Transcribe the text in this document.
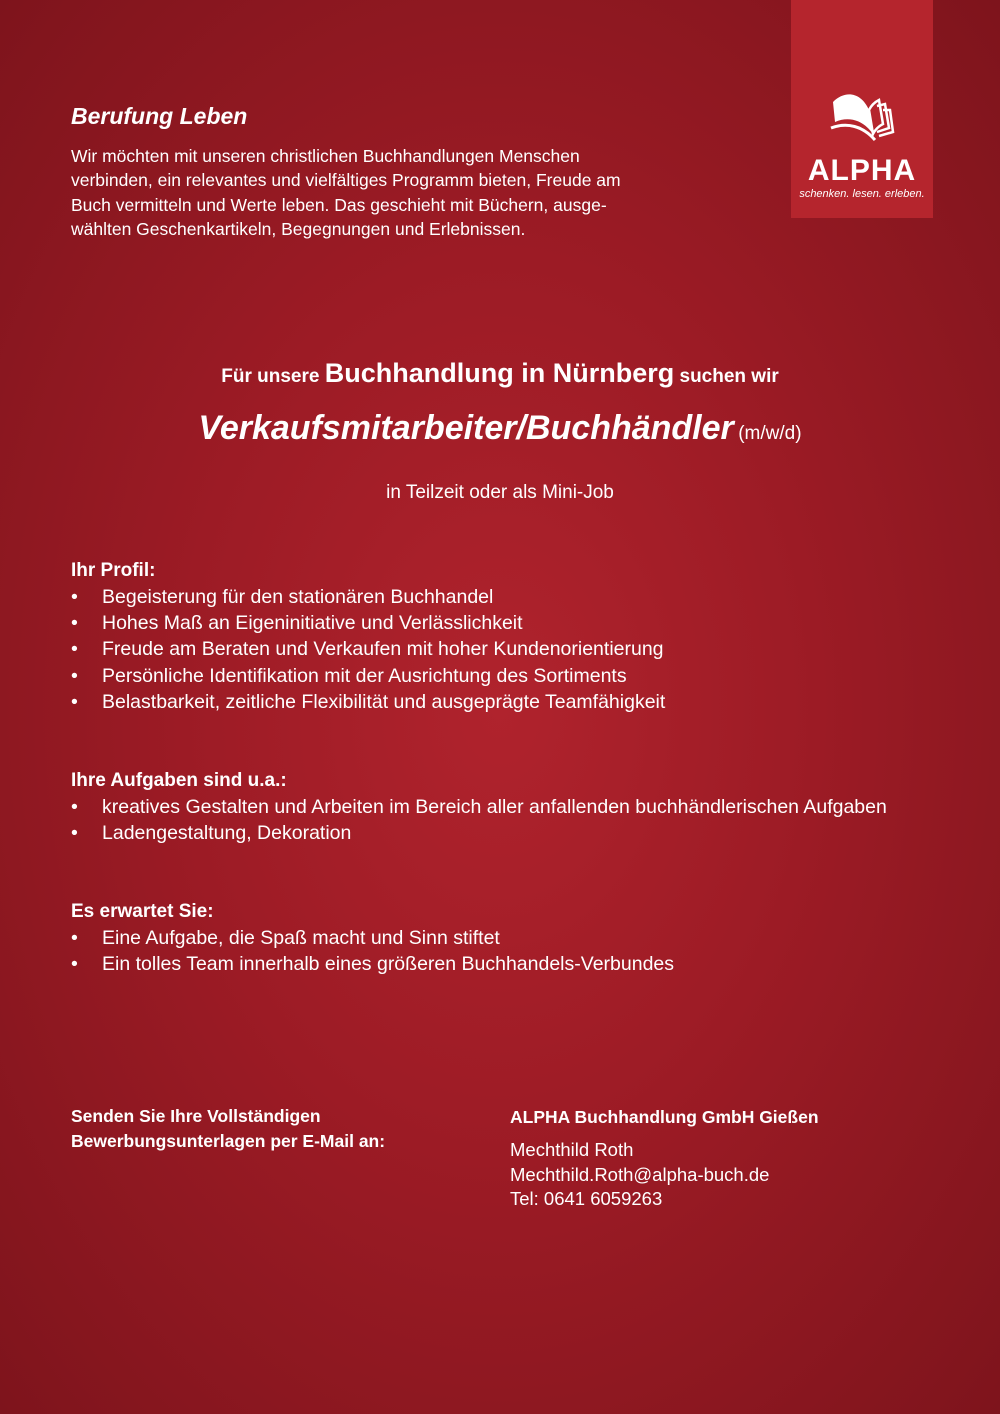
ALPHA
schenken. lesen. erleben.
Berufung Leben
Wir möchten mit unseren christlichen Buchhandlungen Menschen
verbinden, ein relevantes und vielfältiges Programm bieten, Freude am
Buch vermitteln und Werte leben. Das geschieht mit Büchern, ausge-
wählten Geschenkartikeln, Begegnungen und Erlebnissen.
Für unsere Buchhandlung in Nürnberg suchen wir
Verkaufsmitarbeiter/Buchhändler (m/w/d)
in Teilzeit oder als Mini-Job
Ihr Profil:
• Begeisterung für den stationären Buchhandel
• Hohes Maß an Eigeninitiative und Verlässlichkeit
• Freude am Beraten und Verkaufen mit hoher Kundenorientierung
• Persönliche Identifikation mit der Ausrichtung des Sortiments
• Belastbarkeit, zeitliche Flexibilität und ausgeprägte Teamfähigkeit
Ihre Aufgaben sind u.a.:
• kreatives Gestalten und Arbeiten im Bereich aller anfallenden buchhändlerischen Aufgaben
• Ladengestaltung, Dekoration
Es erwartet Sie:
• Eine Aufgabe, die Spaß macht und Sinn stiftet
• Ein tolles Team innerhalb eines größeren Buchhandels-Verbundes
Senden Sie Ihre Vollständigen
Bewerbungsunterlagen per E-Mail an:
ALPHA Buchhandlung GmbH Gießen
Mechthild Roth
Mechthild.Roth@alpha-buch.de
Tel: 0641 6059263
